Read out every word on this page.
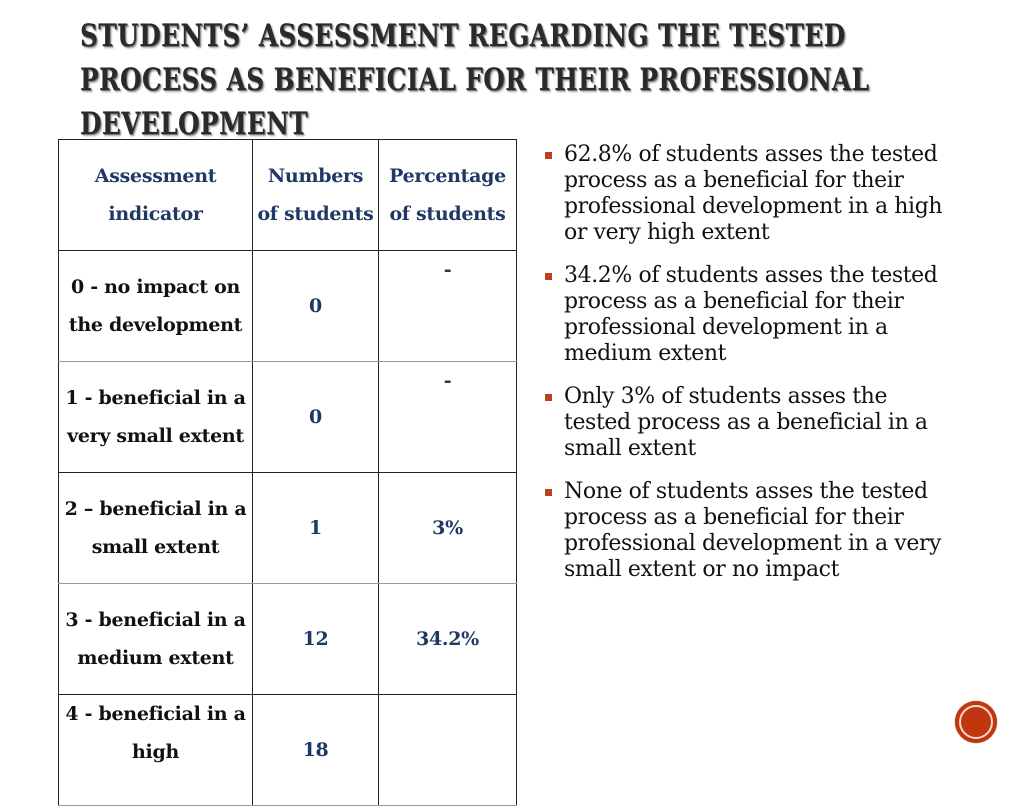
STUDENTS’ ASSESSMENT REGARDING THE TESTED
PROCESS AS BENEFICIAL FOR THEIR PROFESSIONAL
DEVELOPMENT
Assessment indicator	Numbers of students	Percentage of students
0 - no impact on the development	0	-
1 - beneficial in a very small extent	0	-
2 – beneficial in a small extent	1	3%
3 - beneficial in a medium extent	12	34.2%
4 - beneficial in a high	18	
62.8% of students asses the tested process as a beneficial for their professional development in a high or very high extent
34.2% of students asses the tested process as a beneficial for their professional development in a medium extent
Only 3% of students asses the tested process as a beneficial in a small extent
None of students asses the tested process as a beneficial for their professional development in a very small extent or no impact
